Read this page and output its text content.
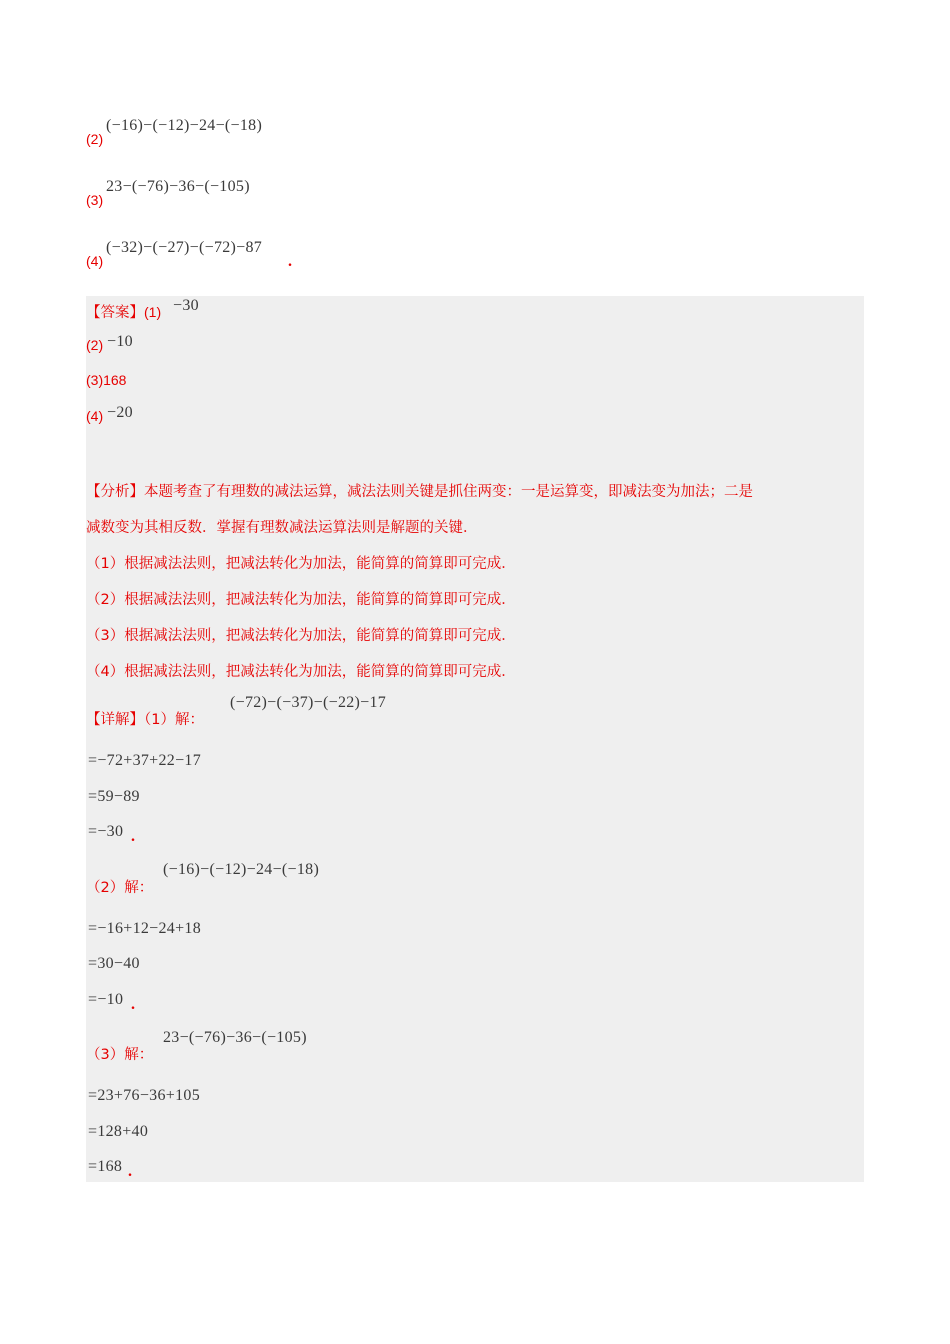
(2)
(−16)−(−12)−24−(−18)
(3)
23−(−76)−36−(−105)
(4)
(−32)−(−27)−(−72)−87
.
【答案】(1) −30
(2) −10
(3)168
(4) −20
【分析】本题考查了有理数的减法运算，减法法则关键是抓住两变：一是运算变，即减法变为加法；二是
减数变为其相反数．掌握有理数减法运算法则是解题的关键．
（1）根据减法法则，把减法转化为加法，能简算的简算即可完成．
（2）根据减法法则，把减法转化为加法，能简算的简算即可完成．
（3）根据减法法则，把减法转化为加法，能简算的简算即可完成．
（4）根据减法法则，把减法转化为加法，能简算的简算即可完成．
【详解】（1）解：
(−72)−(−37)−(−22)−17
=−72+37+22−17
=59−89
=−30 .
（2）解：
(−16)−(−12)−24−(−18)
=−16+12−24+18
=30−40
=−10 .
（3）解：
23−(−76)−36−(−105)
=23+76−36+105
=128+40
=168 .
